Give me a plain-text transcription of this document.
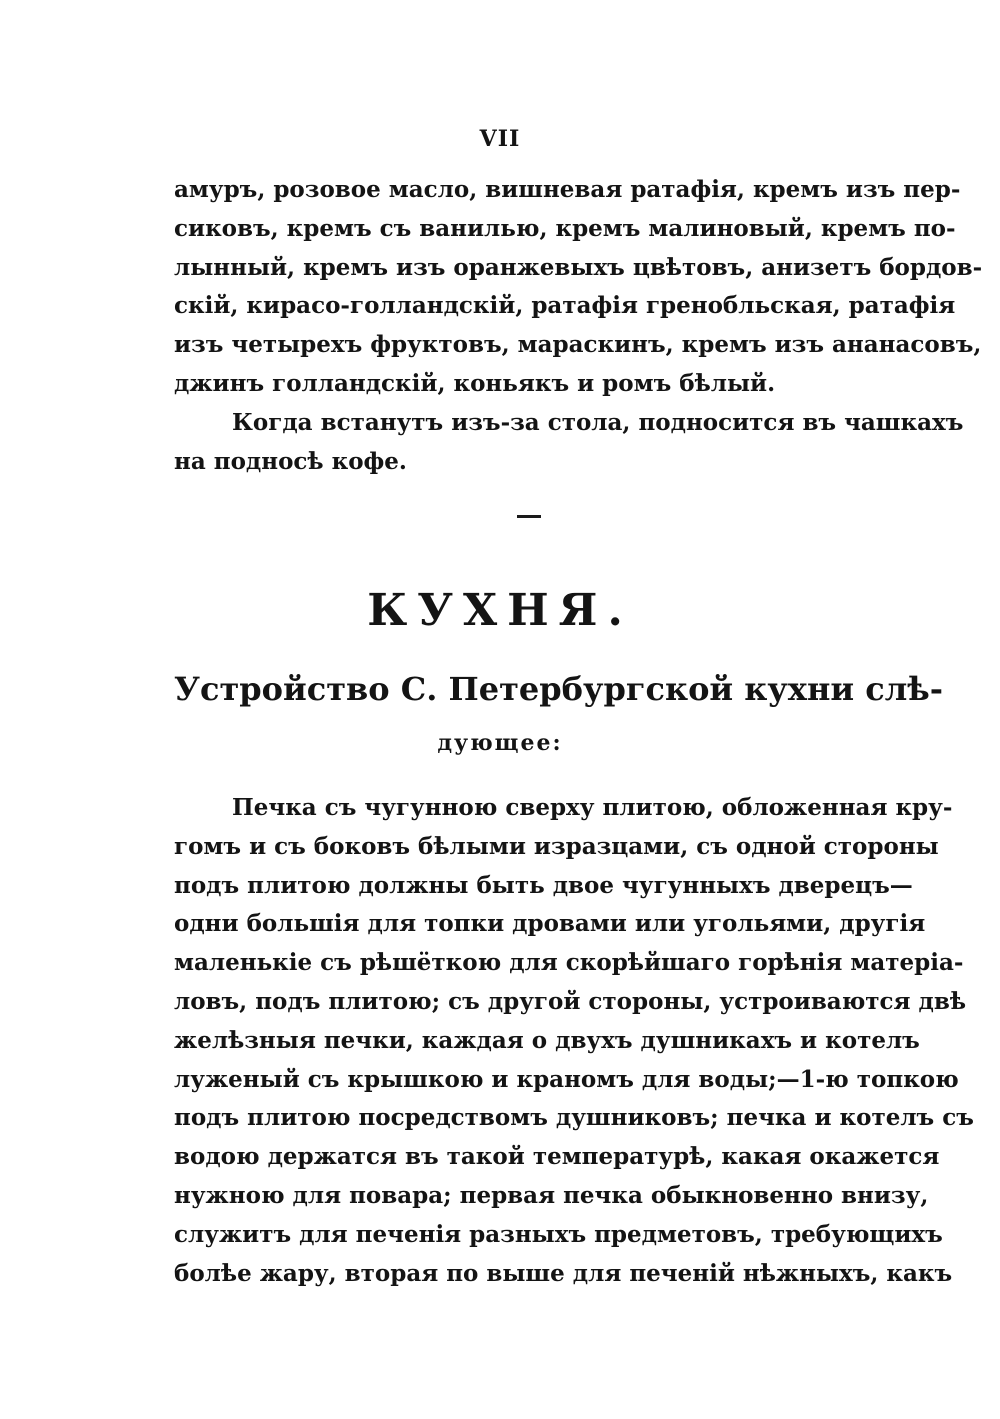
VII
амуръ, розовое масло, вишневая ратафія, кремъ изъ пер-
сиковъ, кремъ съ ванилью, кремъ малиновый, кремъ по-
лынный, кремъ изъ оранжевыхъ цвѣтовъ, анизетъ бордов-
скій, кирасо-голландскій, ратафія гренобльская, ратафія
изъ четырехъ фруктовъ, мараскинъ, кремъ изъ ананасовъ,
джинъ голландскій, коньякъ и ромъ бѣлый.
Когда встанутъ изъ-за стола, подносится въ чашкахъ
на подносѣ кофе.
КУХНЯ.
Устройство С. Петербургской кухни слѣ-
дующее:
Печка съ чугунною сверху плитою, обложенная кру-
гомъ и съ боковъ бѣлыми изразцами, съ одной стороны
подъ плитою должны быть двое чугунныхъ дверецъ—
одни большія для топки дровами или угольями, другія
маленькіе съ рѣшёткою для скорѣйшаго горѣнія матеріа-
ловъ, подъ плитою; съ другой стороны, устроиваются двѣ
желѣзныя печки, каждая о двухъ душникахъ и котелъ
луженый съ крышкою и краномъ для воды;—1-ю топкою
подъ плитою посредствомъ душниковъ; печка и котелъ съ
водою держатся въ такой температурѣ, какая окажется
нужною для повара; первая печка обыкновенно внизу,
служитъ для печенія разныхъ предметовъ, требующихъ
болѣе жару, вторая по выше для печеній нѣжныхъ, какъ
